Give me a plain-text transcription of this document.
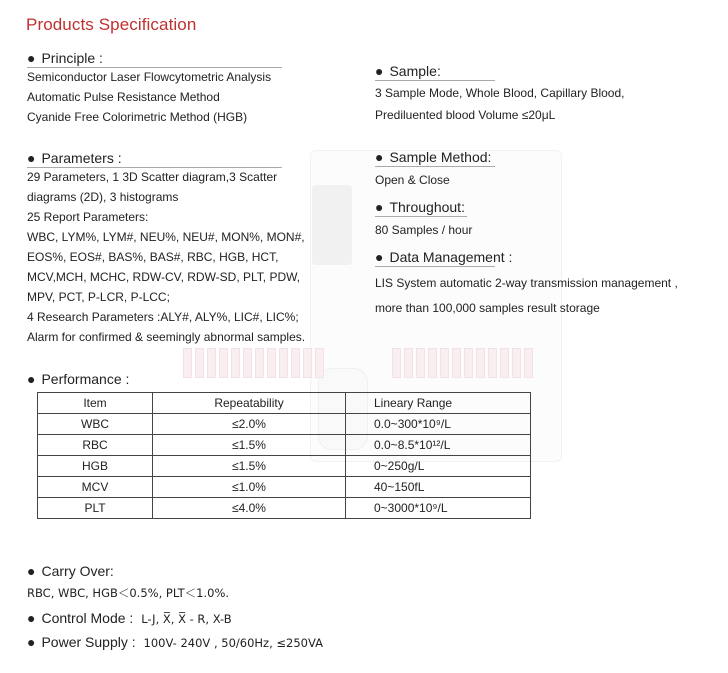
Products Specification
● Principle :
Semiconductor Laser Flowcytometric Analysis
Automatic Pulse Resistance Method
Cyanide Free Colorimetric Method (HGB)
● Sample:
3 Sample Mode, Whole Blood, Capillary Blood,
Prediluented blood Volume ≤20μL
● Parameters :
29 Parameters, 1 3D Scatter diagram,3 Scatter
diagrams (2D), 3 histograms
25 Report Parameters:
WBC, LYM%, LYM#, NEU%, NEU#, MON%, MON#,
EOS%, EOS#, BAS%, BAS#, RBC, HGB, HCT,
MCV,MCH, MCHC, RDW-CV, RDW-SD, PLT, PDW,
MPV, PCT, P-LCR, P-LCC;
4 Research Parameters :ALY#, ALY%, LIC#, LIC%;
Alarm for confirmed & seemingly abnormal samples.
● Sample Method:
Open & Close
● Throughout:
80 Samples / hour
● Data Management :
LIS System automatic 2-way transmission management ,
more than 100,000 samples result storage
● Performance :
Item	Repeatability	Lineary Range
WBC	≤2.0%	0.0~300*10⁹/L
RBC	≤1.5%	0.0~8.5*10¹²/L
HGB	≤1.5%	0~250g/L
MCV	≤1.0%	40~150fL
PLT	≤4.0%	0~3000*10⁹/L
● Carry Over:
RBC, WBC, HGB＜0.5%, PLT＜1.0%.
● Control Mode : L-J, X̅, X̅ - R, X-B
● Power Supply : 100V- 240V , 50/60Hz, ≤250VA
